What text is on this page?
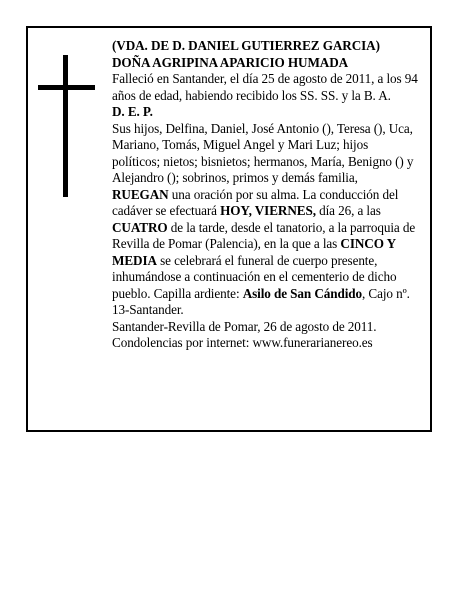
(VDA. DE D. DANIEL GUTIERREZ GARCIA)

DOÑA AGRIPINA APARICIO HUMADA

Falleció en Santander, el día 25 de agosto de 2011, a los 94 años de edad, habiendo recibido los SS. SS. y la B. A.

D. E. P.

Sus hijos, Delfina, Daniel, José Antonio (), Teresa (), Uca, Mariano, Tomás, Miguel Angel y Mari Luz; hijos políticos; nietos; bisnietos; hermanos, María, Benigno () y Alejandro (); sobrinos, primos y demás familia,
RUEGAN una oración por su alma. La conducción del cadáver se efectuará HOY, VIERNES, día 26, a las CUATRO de la tarde, desde el tanatorio, a la parroquia de Revilla de Pomar (Palencia), en la que a las CINCO Y MEDIA se celebrará el funeral de cuerpo presente, inhumándose a continuación en el cementerio de dicho pueblo. Capilla ardiente: Asilo de San Cándido, Cajo nº. 13-Santander.

Santander-Revilla de Pomar, 26 de agosto de 2011.

Condolencias por internet: www.funerarianereo.es
